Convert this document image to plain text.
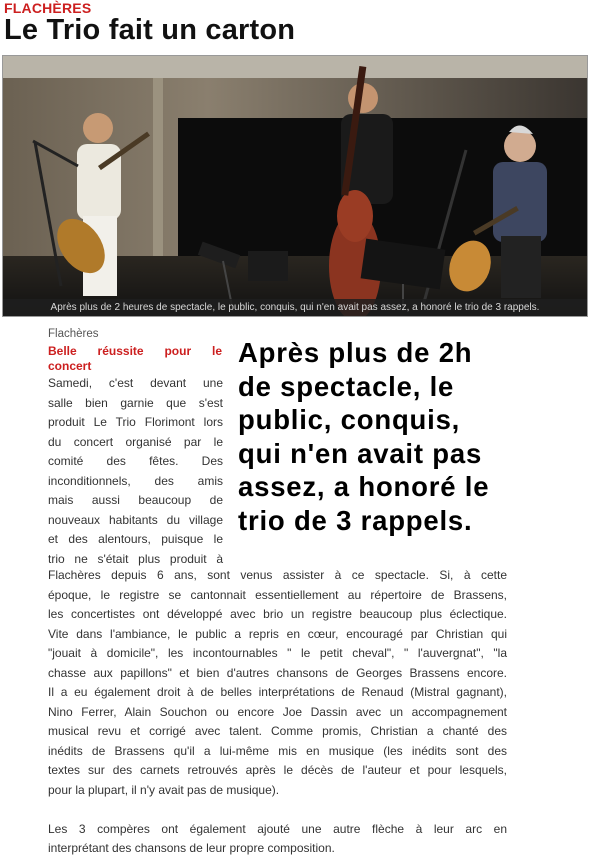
FLACHÈRES
Le Trio fait un carton
Après plus de 2 heures de spectacle, le public, conquis, qui n'en avait pas assez, a honoré le trio de 3 rappels.
Flachères
Belle réussite pour le
concert
Samedi, c'est devant une
salle bien garnie que s'est
produit Le Trio Florimont lors
du concert organisé par le
comité des fêtes. Des
inconditionnels, des amis
mais aussi beaucoup de
nouveaux habitants du village
et des alentours, puisque le
trio ne s'était plus produit à
Après plus de 2h
de spectacle, le
public, conquis,
qui n'en avait pas
assez, a honoré le
trio de 3 rappels.
Flachères depuis 6 ans, sont venus assister à ce spectacle. Si, à cette
époque, le registre se cantonnait essentiellement au répertoire de Brassens,
les concertistes ont développé avec brio un registre beaucoup plus éclectique.
Vite dans l'ambiance, le public a repris en cœur, encouragé par Christian qui
"jouait à domicile", les incontournables " le petit cheval", " l'auvergnat", "la
chasse aux papillons" et bien d'autres chansons de Georges Brassens encore.
Il a eu également droit à de belles interprétations de Renaud (Mistral gagnant),
Nino Ferrer, Alain Souchon ou encore Joe Dassin avec un accompagnement
musical revu et corrigé avec talent. Comme promis, Christian a chanté des
inédits de Brassens qu'il a lui-même mis en musique (les inédits sont des
textes sur des carnets retrouvés après le décès de l'auteur et pour lesquels,
pour la plupart, il n'y avait pas de musique).
Les 3 compères ont également ajouté une autre flèche à leur arc en
interprétant des chansons de leur propre composition.
